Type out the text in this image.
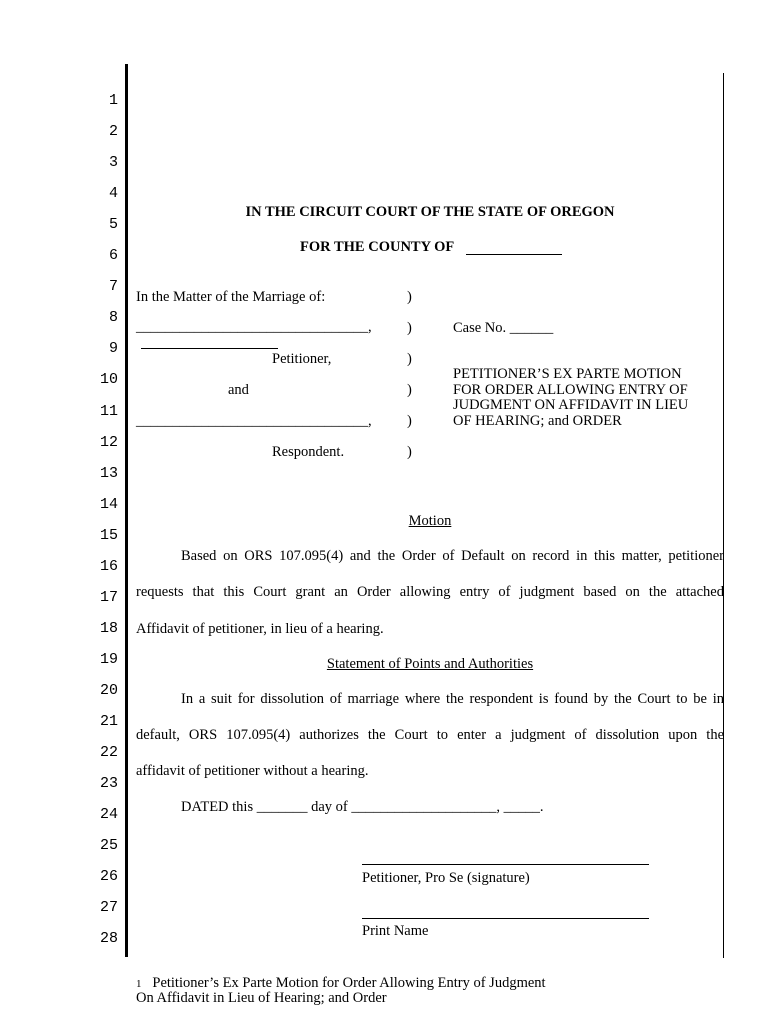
1
2
3
4
5
6
7
8
9
10
11
12
13
14
15
16
17
18
19
20
21
22
23
24
25
26
27
28
IN THE CIRCUIT COURT OF THE STATE OF OREGON
FOR THE COUNTY OF
In the Matter of the Marriage of:
________________________________,
Petitioner,
and
________________________________,
Respondent.
)
)
)
)
)
)
Case No. ______
PETITIONER’S EX PARTE MOTION
FOR ORDER ALLOWING ENTRY OF
JUDGMENT ON AFFIDAVIT IN LIEU
OF HEARING; and ORDER
Motion
Based on ORS 107.095(4) and the Order of Default on record in this matter, petitioner
requests that this Court grant an Order allowing entry of judgment based on the attached
Affidavit of petitioner, in lieu of a hearing.
Statement of Points and Authorities
In a suit for dissolution of marriage where the respondent is found by the Court to be in
default, ORS 107.095(4) authorizes the Court to enter a judgment of dissolution upon the
affidavit of petitioner without a hearing.
DATED this _______ day of ____________________, _____.
Petitioner, Pro Se (signature)
Print Name
1 Petitioner’s Ex Parte Motion for Order Allowing Entry of Judgment
On Affidavit in Lieu of Hearing; and Order
